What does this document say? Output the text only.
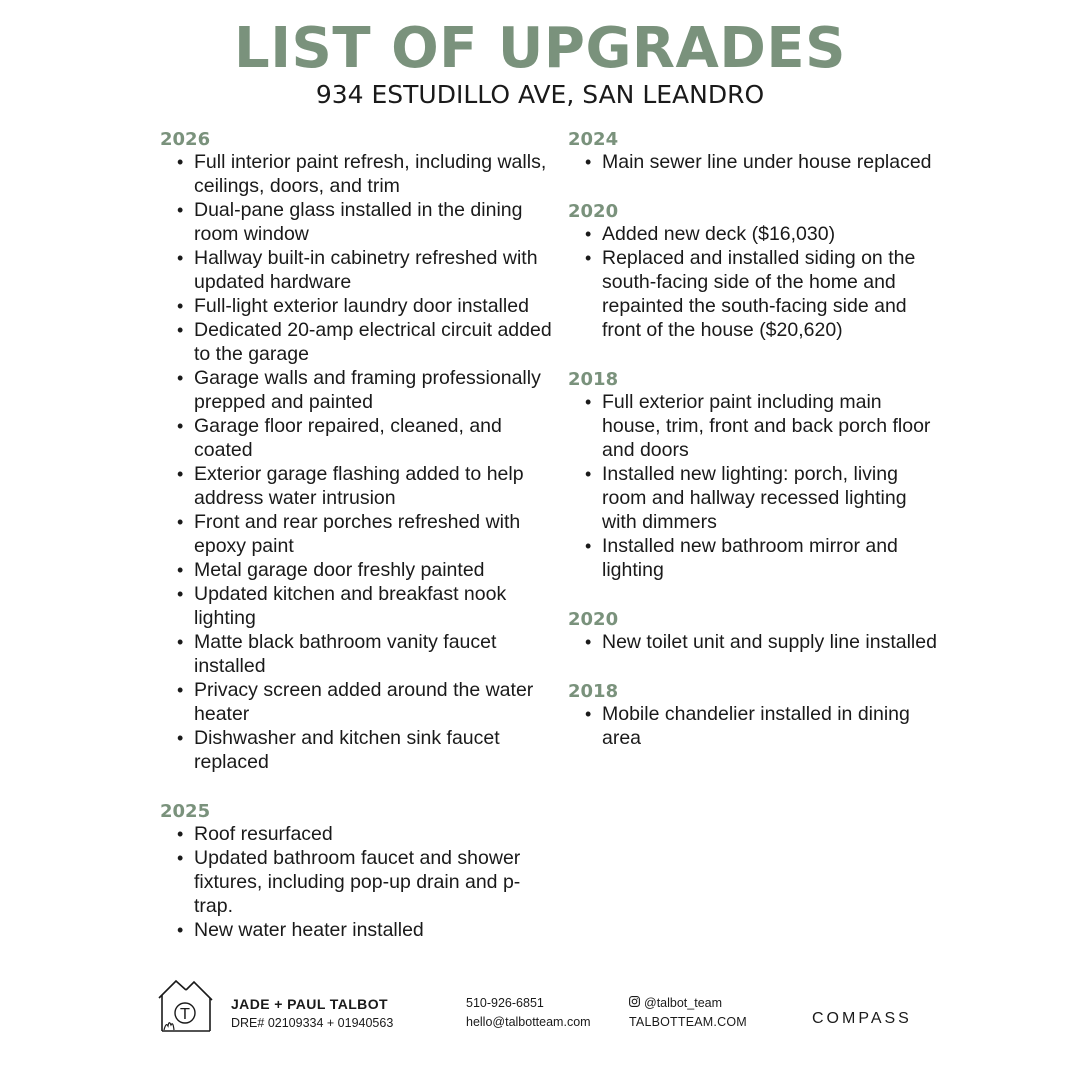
LIST OF UPGRADES
934 ESTUDILLO AVE, SAN LEANDRO
2026
• Full interior paint refresh, including walls, ceilings, doors, and trim
• Dual-pane glass installed in the dining room window
• Hallway built-in cabinetry refreshed with updated hardware
• Full-light exterior laundry door installed
• Dedicated 20-amp electrical circuit added to the garage
• Garage walls and framing professionally prepped and painted
• Garage floor repaired, cleaned, and coated
• Exterior garage flashing added to help address water intrusion
• Front and rear porches refreshed with epoxy paint
• Metal garage door freshly painted
• Updated kitchen and breakfast nook lighting
• Matte black bathroom vanity faucet installed
• Privacy screen added around the water heater
• Dishwasher and kitchen sink faucet replaced
2025
• Roof resurfaced
• Updated bathroom faucet and shower fixtures, including pop-up drain and p-trap.
• New water heater installed
2024
• Main sewer line under house replaced
2020
• Added new deck ($16,030)
• Replaced and installed siding on the south-facing side of the home and repainted the south-facing side and front of the house ($20,620)
2018
• Full exterior paint including main house, trim, front and back porch floor and doors
• Installed new lighting: porch, living room and hallway recessed lighting with dimmers
• Installed new bathroom mirror and lighting
2020
• New toilet unit and supply line installed
2018
• Mobile chandelier installed in dining area
T
JADE + PAUL TALBOT
DRE# 02109334 + 01940563
510-926-6851
hello@talbotteam.com
@talbot_team
TALBOTTEAM.COM	COMPASS
